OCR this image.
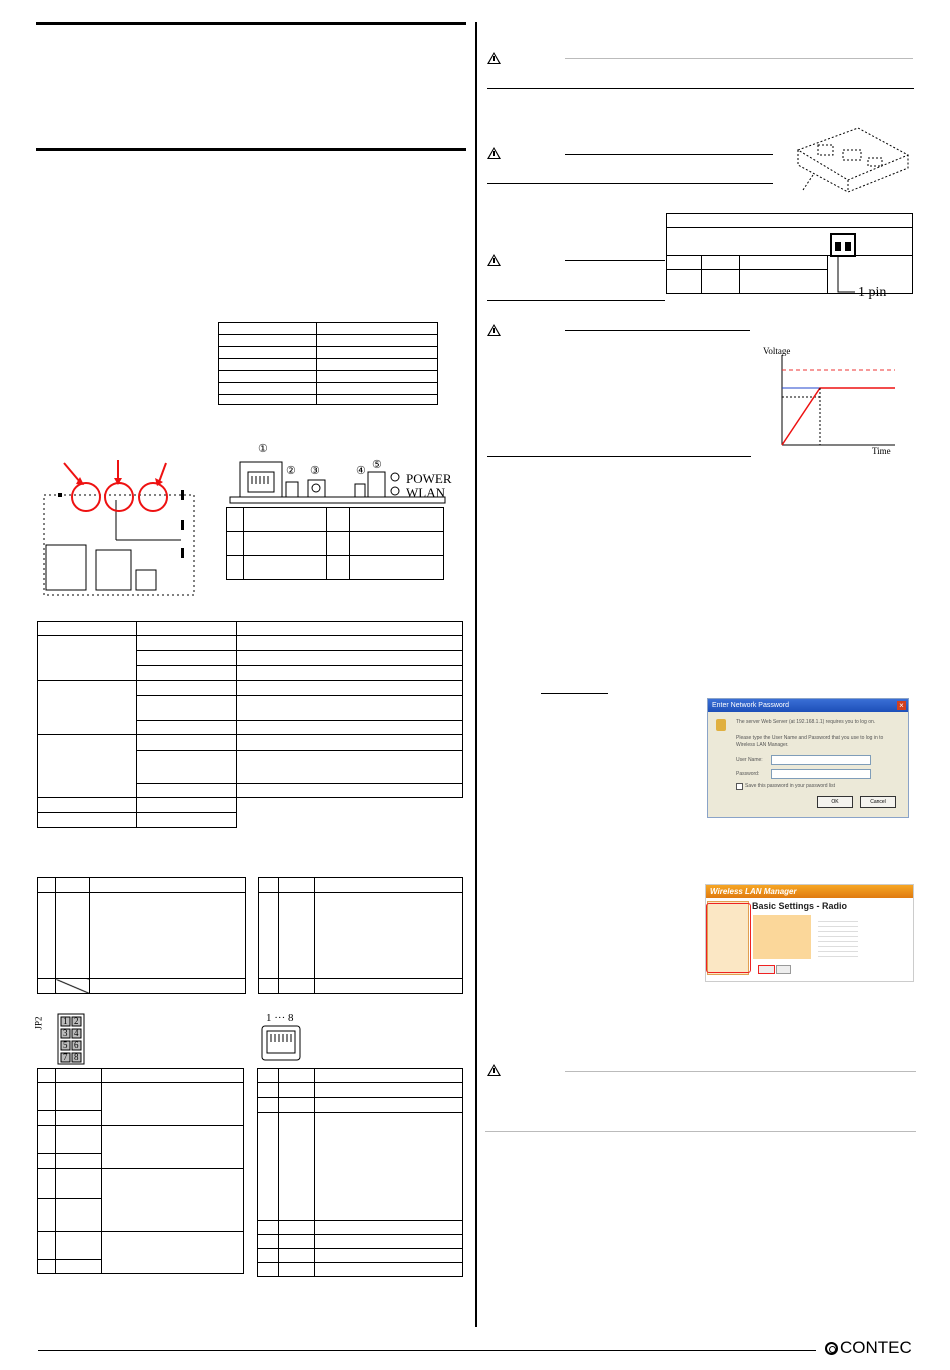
①
② ③	④ ⑤
POWER
WLAN

JP2 1 2
3 4
5 6
7 8
1 ··· 8

1 pin
Voltage
Time
Enter Network Password	×
The server Web Server (at 192.168.1.1) requires you to log on.
Please type the User Name and Password that you use to log in to Wireless LAN Manager.
User Name:
Password:
Save this password in your password list
OK	Cancel
Wireless LAN Manager
Basic Settings - Radio
CONTEC
